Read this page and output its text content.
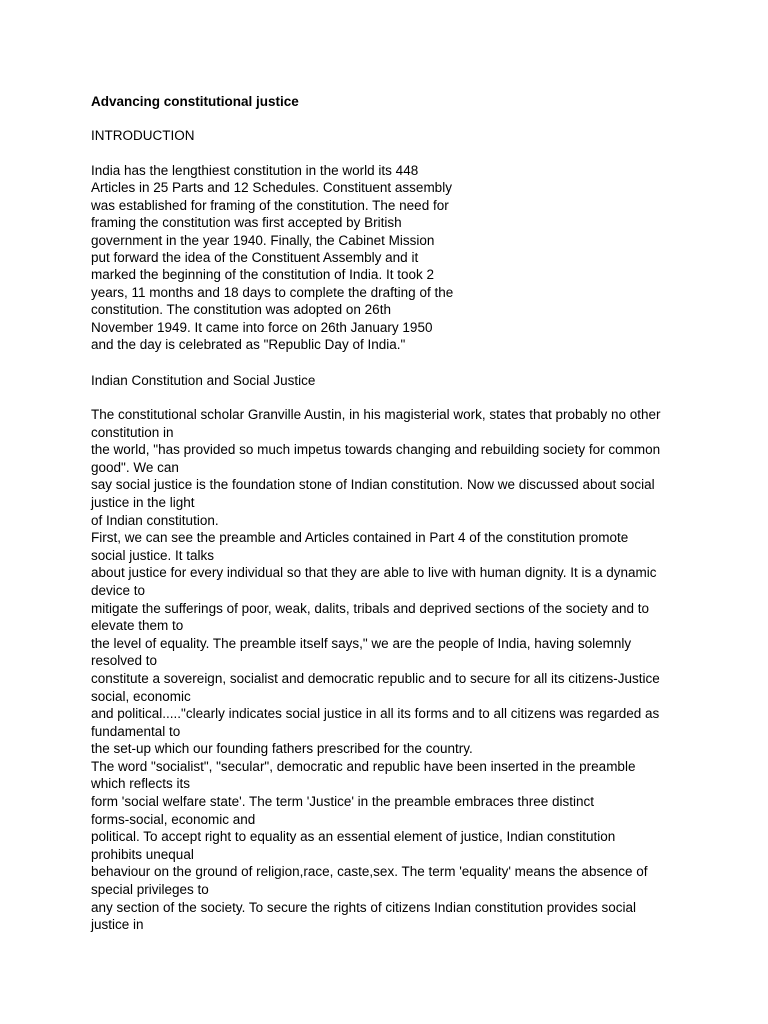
Advancing constitutional justice

INTRODUCTION

India has the lengthiest constitution in the world its 448
Articles in 25 Parts and 12 Schedules. Constituent assembly
was established for framing of the constitution. The need for
framing the constitution was first accepted by British
government in the year 1940. Finally, the Cabinet Mission
put forward the idea of the Constituent Assembly and it
marked the beginning of the constitution of India. It took 2
years, 11 months and 18 days to complete the drafting of the
constitution. The constitution was adopted on 26th
November 1949. It came into force on 26th January 1950
and the day is celebrated as "Republic Day of India."

Indian Constitution and Social Justice

The constitutional scholar Granville Austin, in his magisterial work, states that probably no other
constitution in
the world, "has provided so much impetus towards changing and rebuilding society for common
good". We can
say social justice is the foundation stone of Indian constitution. Now we discussed about social
justice in the light
of Indian constitution.
First, we can see the preamble and Articles contained in Part 4 of the constitution promote
social justice. It talks
about justice for every individual so that they are able to live with human dignity. It is a dynamic
device to
mitigate the sufferings of poor, weak, dalits, tribals and deprived sections of the society and to
elevate them to
the level of equality. The preamble itself says," we are the people of India, having solemnly
resolved to
constitute a sovereign, socialist and democratic republic and to secure for all its citizens-Justice
social, economic
and political....."clearly indicates social justice in all its forms and to all citizens was regarded as
fundamental to
the set-up which our founding fathers prescribed for the country.
The word "socialist", "secular", democratic and republic have been inserted in the preamble
which reflects its
form 'social welfare state'. The term 'Justice' in the preamble embraces three distinct
forms-social, economic and
political. To accept right to equality as an essential element of justice, Indian constitution
prohibits unequal
behaviour on the ground of religion,race, caste,sex. The term 'equality' means the absence of
special privileges to
any section of the society. To secure the rights of citizens Indian constitution provides social
justice in
